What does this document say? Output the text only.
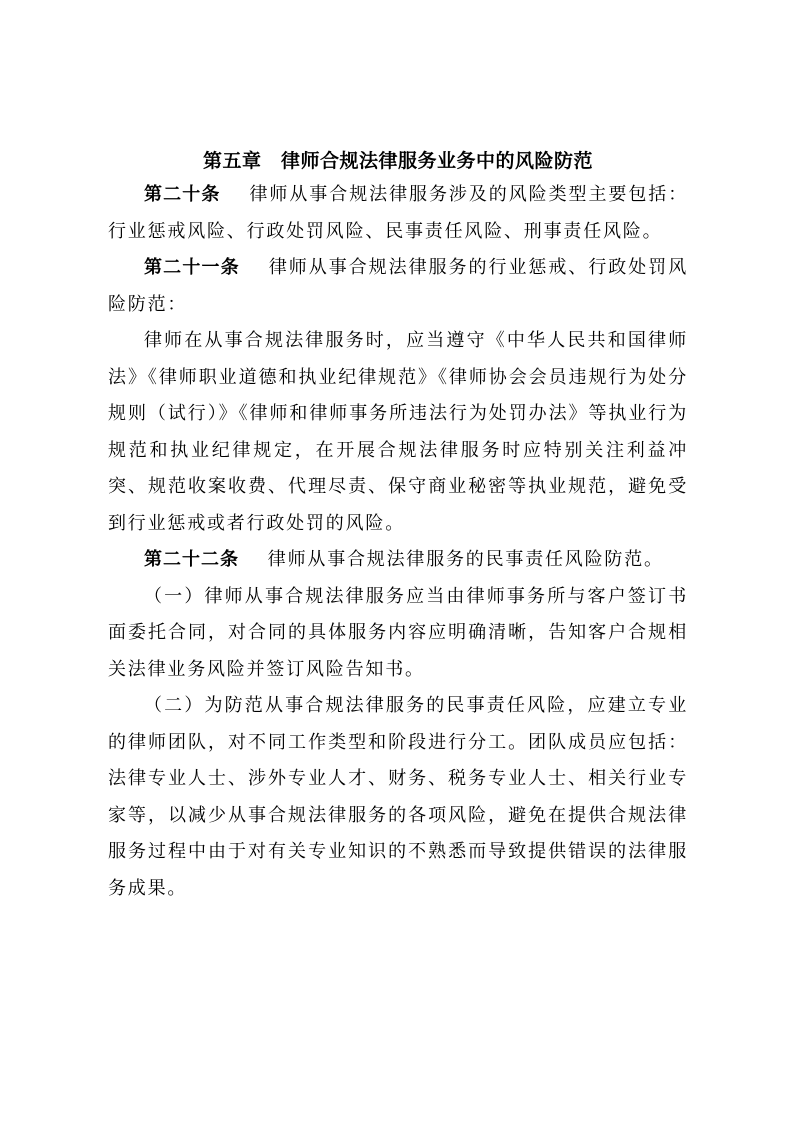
第五章　律师合规法律服务业务中的风险防范

第二十条 律师从事合规法律服务涉及的风险类型主要包括：行业惩戒风险、行政处罚风险、民事责任风险、刑事责任风险。

第二十一条 律师从事合规法律服务的行业惩戒、行政处罚风险防范：

律师在从事合规法律服务时，应当遵守《中华人民共和国律师法》《律师职业道德和执业纪律规范》《律师协会会员违规行为处分规则（试行）》《律师和律师事务所违法行为处罚办法》等执业行为规范和执业纪律规定，在开展合规法律服务时应特别关注利益冲突、规范收案收费、代理尽责、保守商业秘密等执业规范，避免受到行业惩戒或者行政处罚的风险。

第二十二条 律师从事合规法律服务的民事责任风险防范。

（一）律师从事合规法律服务应当由律师事务所与客户签订书面委托合同，对合同的具体服务内容应明确清晰，告知客户合规相关法律业务风险并签订风险告知书。

（二）为防范从事合规法律服务的民事责任风险，应建立专业的律师团队，对不同工作类型和阶段进行分工。团队成员应包括：法律专业人士、涉外专业人才、财务、税务专业人士、相关行业专家等，以减少从事合规法律服务的各项风险，避免在提供合规法律服务过程中由于对有关专业知识的不熟悉而导致提供错误的法律服务成果。
